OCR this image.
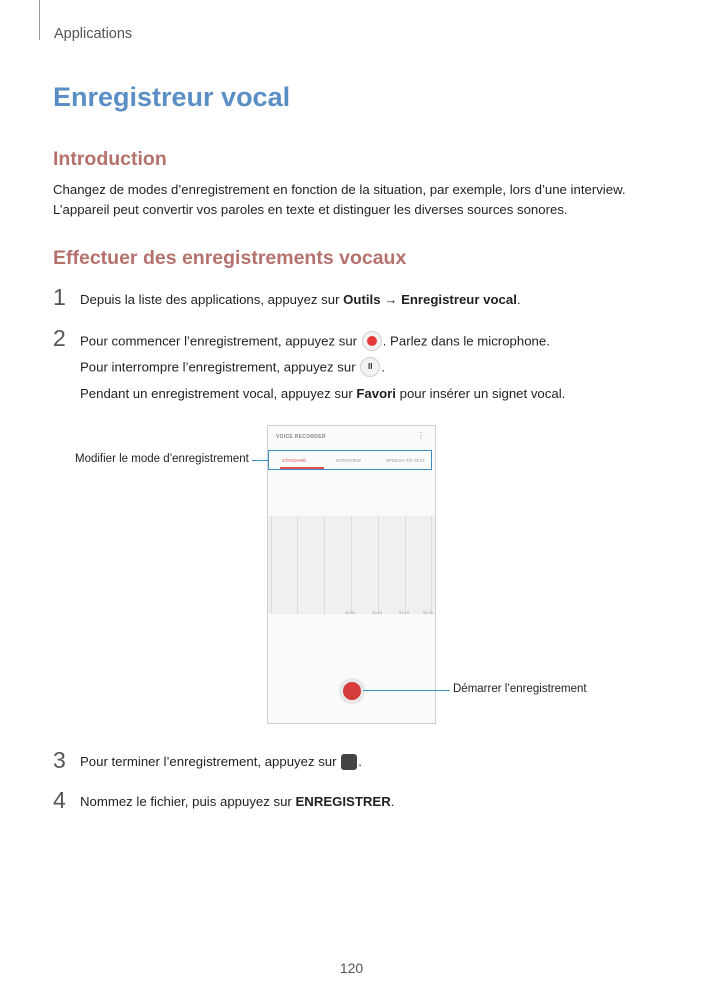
Applications
Enregistreur vocal
Introduction
Changez de modes d’enregistrement en fonction de la situation, par exemple, lors d’une interview.
L’appareil peut convertir vos paroles en texte et distinguer les diverses sources sonores.
Effectuer des enregistrements vocaux
1 Depuis la liste des applications, appuyez sur Outils → Enregistreur vocal.
2 Pour commencer l’enregistrement, appuyez sur . Parlez dans le microphone.
Pour interrompre l’enregistrement, appuyez sur II .
Pendant un enregistrement vocal, appuyez sur Favori pour insérer un signet vocal.
VOICE RECORDER	⋮
STANDARD	INTERVIEW	SPEECH-TO-TEXT
00:05	00:10	00:15	00:20
Modifier le mode d’enregistrement
Démarrer l’enregistrement
3 Pour terminer l’enregistrement, appuyez sur .
4 Nommez le fichier, puis appuyez sur ENREGISTRER.
120
